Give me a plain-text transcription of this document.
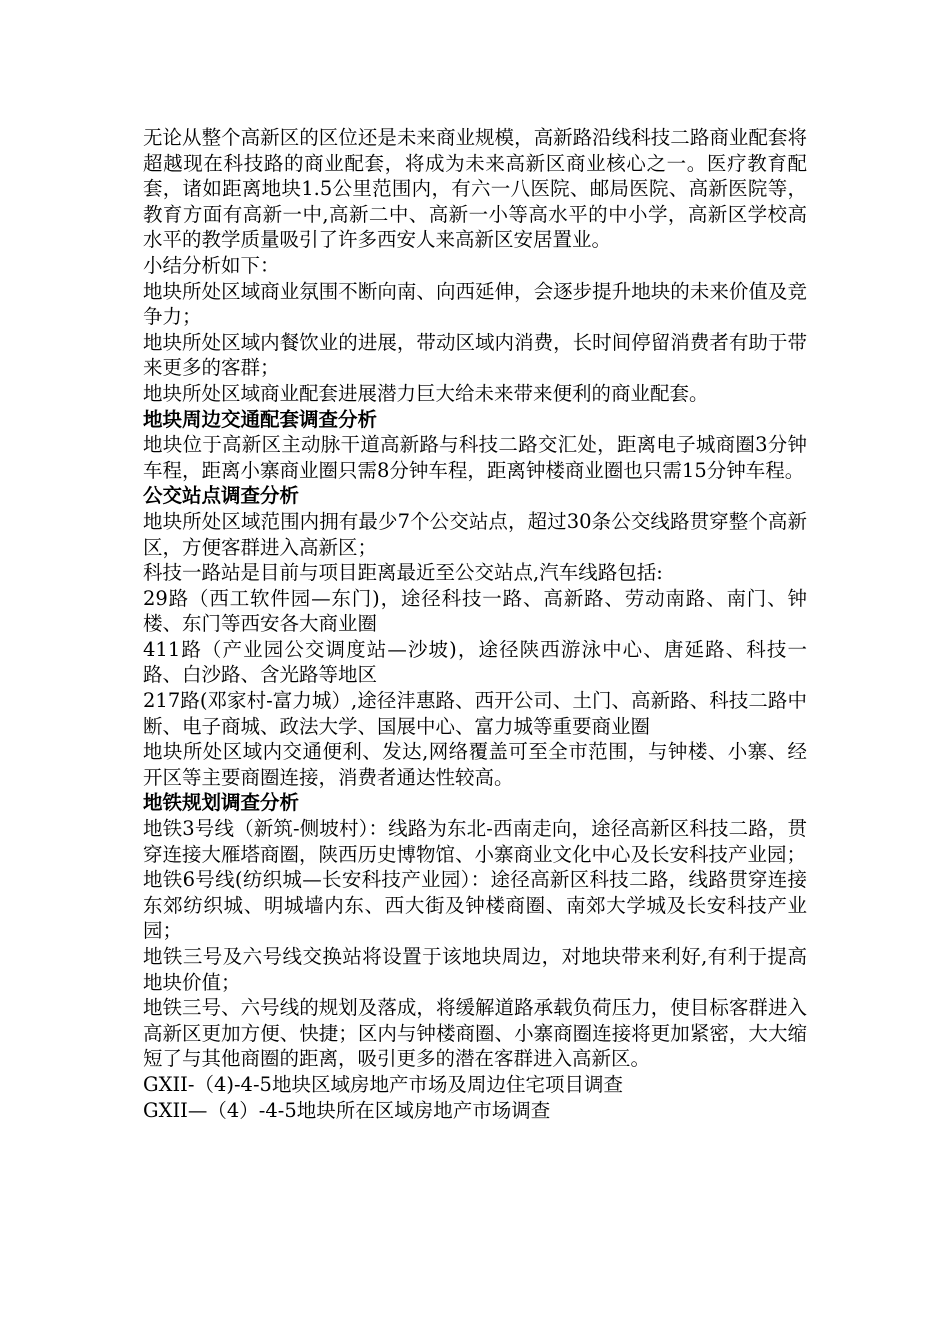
无论从整个高新区的区位还是未来商业规模，高新路沿线科技二路商业配套将超越现在科技路的商业配套，将成为未来高新区商业核心之一。医疗教育配套，诸如距离地块1.5公里范围内，有六一八医院、邮局医院、高新医院等，教育方面有高新一中,高新二中、高新一小等高水平的中小学，高新区学校高水平的教学质量吸引了许多西安人来高新区安居置业。

小结分析如下：

地块所处区域商业氛围不断向南、向西延伸，会逐步提升地块的未来价值及竞争力；

地块所处区域内餐饮业的进展，带动区域内消费，长时间停留消费者有助于带来更多的客群；

地块所处区域商业配套进展潜力巨大给未来带来便利的商业配套。

地块周边交通配套调查分析

地块位于高新区主动脉干道高新路与科技二路交汇处，距离电子城商圈3分钟车程，距离小寨商业圈只需8分钟车程，距离钟楼商业圈也只需15分钟车程。

公交站点调查分析

地块所处区域范围内拥有最少7个公交站点，超过30条公交线路贯穿整个高新区，方便客群进入高新区；

科技一路站是目前与项目距离最近至公交站点,汽车线路包括:

29路（西工软件园—东门)，途径科技一路、高新路、劳动南路、南门、钟楼、东门等西安各大商业圈

411路（产业园公交调度站—沙坡)，途径陕西游泳中心、唐延路、科技一路、白沙路、含光路等地区

217路(邓家村-富力城）,途径沣惠路、西开公司、土门、高新路、科技二路中断、电子商城、政法大学、国展中心、富力城等重要商业圈

地块所处区域内交通便利、发达,网络覆盖可至全市范围，与钟楼、小寨、经开区等主要商圈连接，消费者通达性较高。

地铁规划调查分析

地铁3号线（新筑-侧坡村）：线路为东北-西南走向，途径高新区科技二路，贯穿连接大雁塔商圈，陕西历史博物馆、小寨商业文化中心及长安科技产业园；

地铁6号线(纺织城—长安科技产业园）：途径高新区科技二路，线路贯穿连接东郊纺织城、明城墙内东、西大街及钟楼商圈、南郊大学城及长安科技产业园；

地铁三号及六号线交换站将设置于该地块周边，对地块带来利好,有利于提高地块价值；

地铁三号、六号线的规划及落成，将缓解道路承载负荷压力，使目标客群进入高新区更加方便、快捷；区内与钟楼商圈、小寨商圈连接将更加紧密，大大缩短了与其他商圈的距离，吸引更多的潜在客群进入高新区。

GXII-（4)-4-5地块区域房地产市场及周边住宅项目调查

GXII—（4）-4-5地块所在区域房地产市场调查
